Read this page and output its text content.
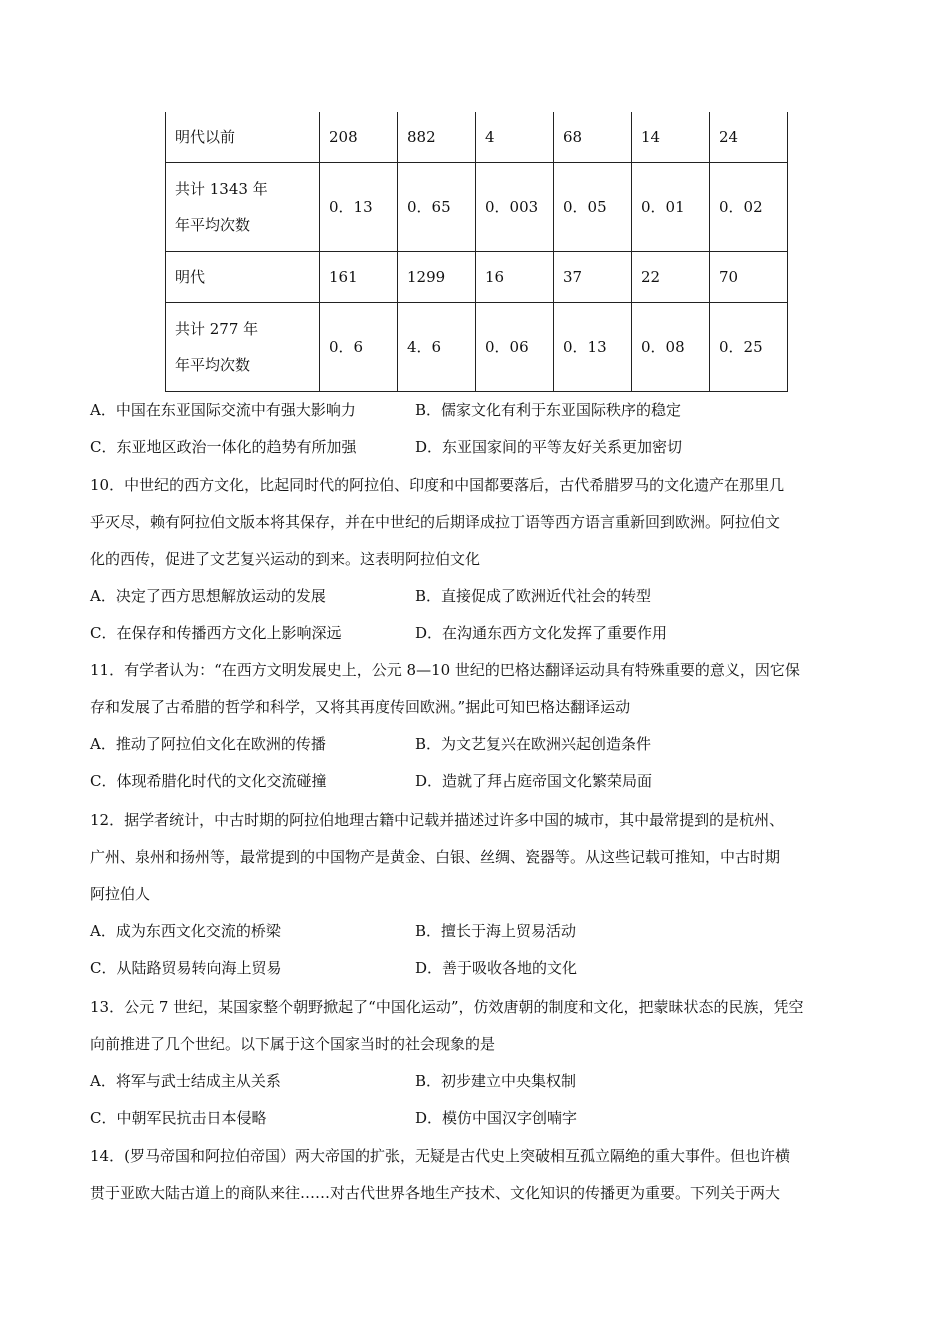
明代以前	208	882	4	68	14	24

共计 1343 年
年平均次数	0．13	0．65	0．003	0．05	0．01	0．02
明代	161	1299	16	37	22	70

共计 277 年
年平均次数	0．6	4．6	0．06	0．13	0．08	0．25
A．中国在东亚国际交流中有强大影响力	B．儒家文化有利于东亚国际秩序的稳定
C．东亚地区政治一体化的趋势有所加强	D．东亚国家间的平等友好关系更加密切
10．中世纪的西方文化，比起同时代的阿拉伯、印度和中国都要落后，古代希腊罗马的文化遗产在那里几
乎灭尽，赖有阿拉伯文版本将其保存，并在中世纪的后期译成拉丁语等西方语言重新回到欧洲。阿拉伯文
化的西传，促进了文艺复兴运动的到来。这表明阿拉伯文化
A．决定了西方思想解放运动的发展	B．直接促成了欧洲近代社会的转型
C．在保存和传播西方文化上影响深远	D．在沟通东西方文化发挥了重要作用
11．有学者认为：“在西方文明发展史上，公元 8—10 世纪的巴格达翻译运动具有特殊重要的意义，因它保
存和发展了古希腊的哲学和科学，又将其再度传回欧洲。”据此可知巴格达翻译运动
A．推动了阿拉伯文化在欧洲的传播	B．为文艺复兴在欧洲兴起创造条件
C．体现希腊化时代的文化交流碰撞	D．造就了拜占庭帝国文化繁荣局面
12．据学者统计，中古时期的阿拉伯地理古籍中记载并描述过许多中国的城市，其中最常提到的是杭州、
广州、泉州和扬州等，最常提到的中国物产是黄金、白银、丝绸、瓷器等。从这些记载可推知，中古时期
阿拉伯人
A．成为东西文化交流的桥梁	B．擅长于海上贸易活动
C．从陆路贸易转向海上贸易	D．善于吸收各地的文化
13．公元 7 世纪，某国家整个朝野掀起了“中国化运动”，仿效唐朝的制度和文化，把蒙昧状态的民族，凭空
向前推进了几个世纪。以下属于这个国家当时的社会现象的是
A．将军与武士结成主从关系	B．初步建立中央集权制
C．中朝军民抗击日本侵略	D．模仿中国汉字创喃字
14．(罗马帝国和阿拉伯帝国）两大帝国的扩张，无疑是古代史上突破相互孤立隔绝的重大事件。但也许横
贯于亚欧大陆古道上的商队来往……对古代世界各地生产技术、文化知识的传播更为重要。下列关于两大
